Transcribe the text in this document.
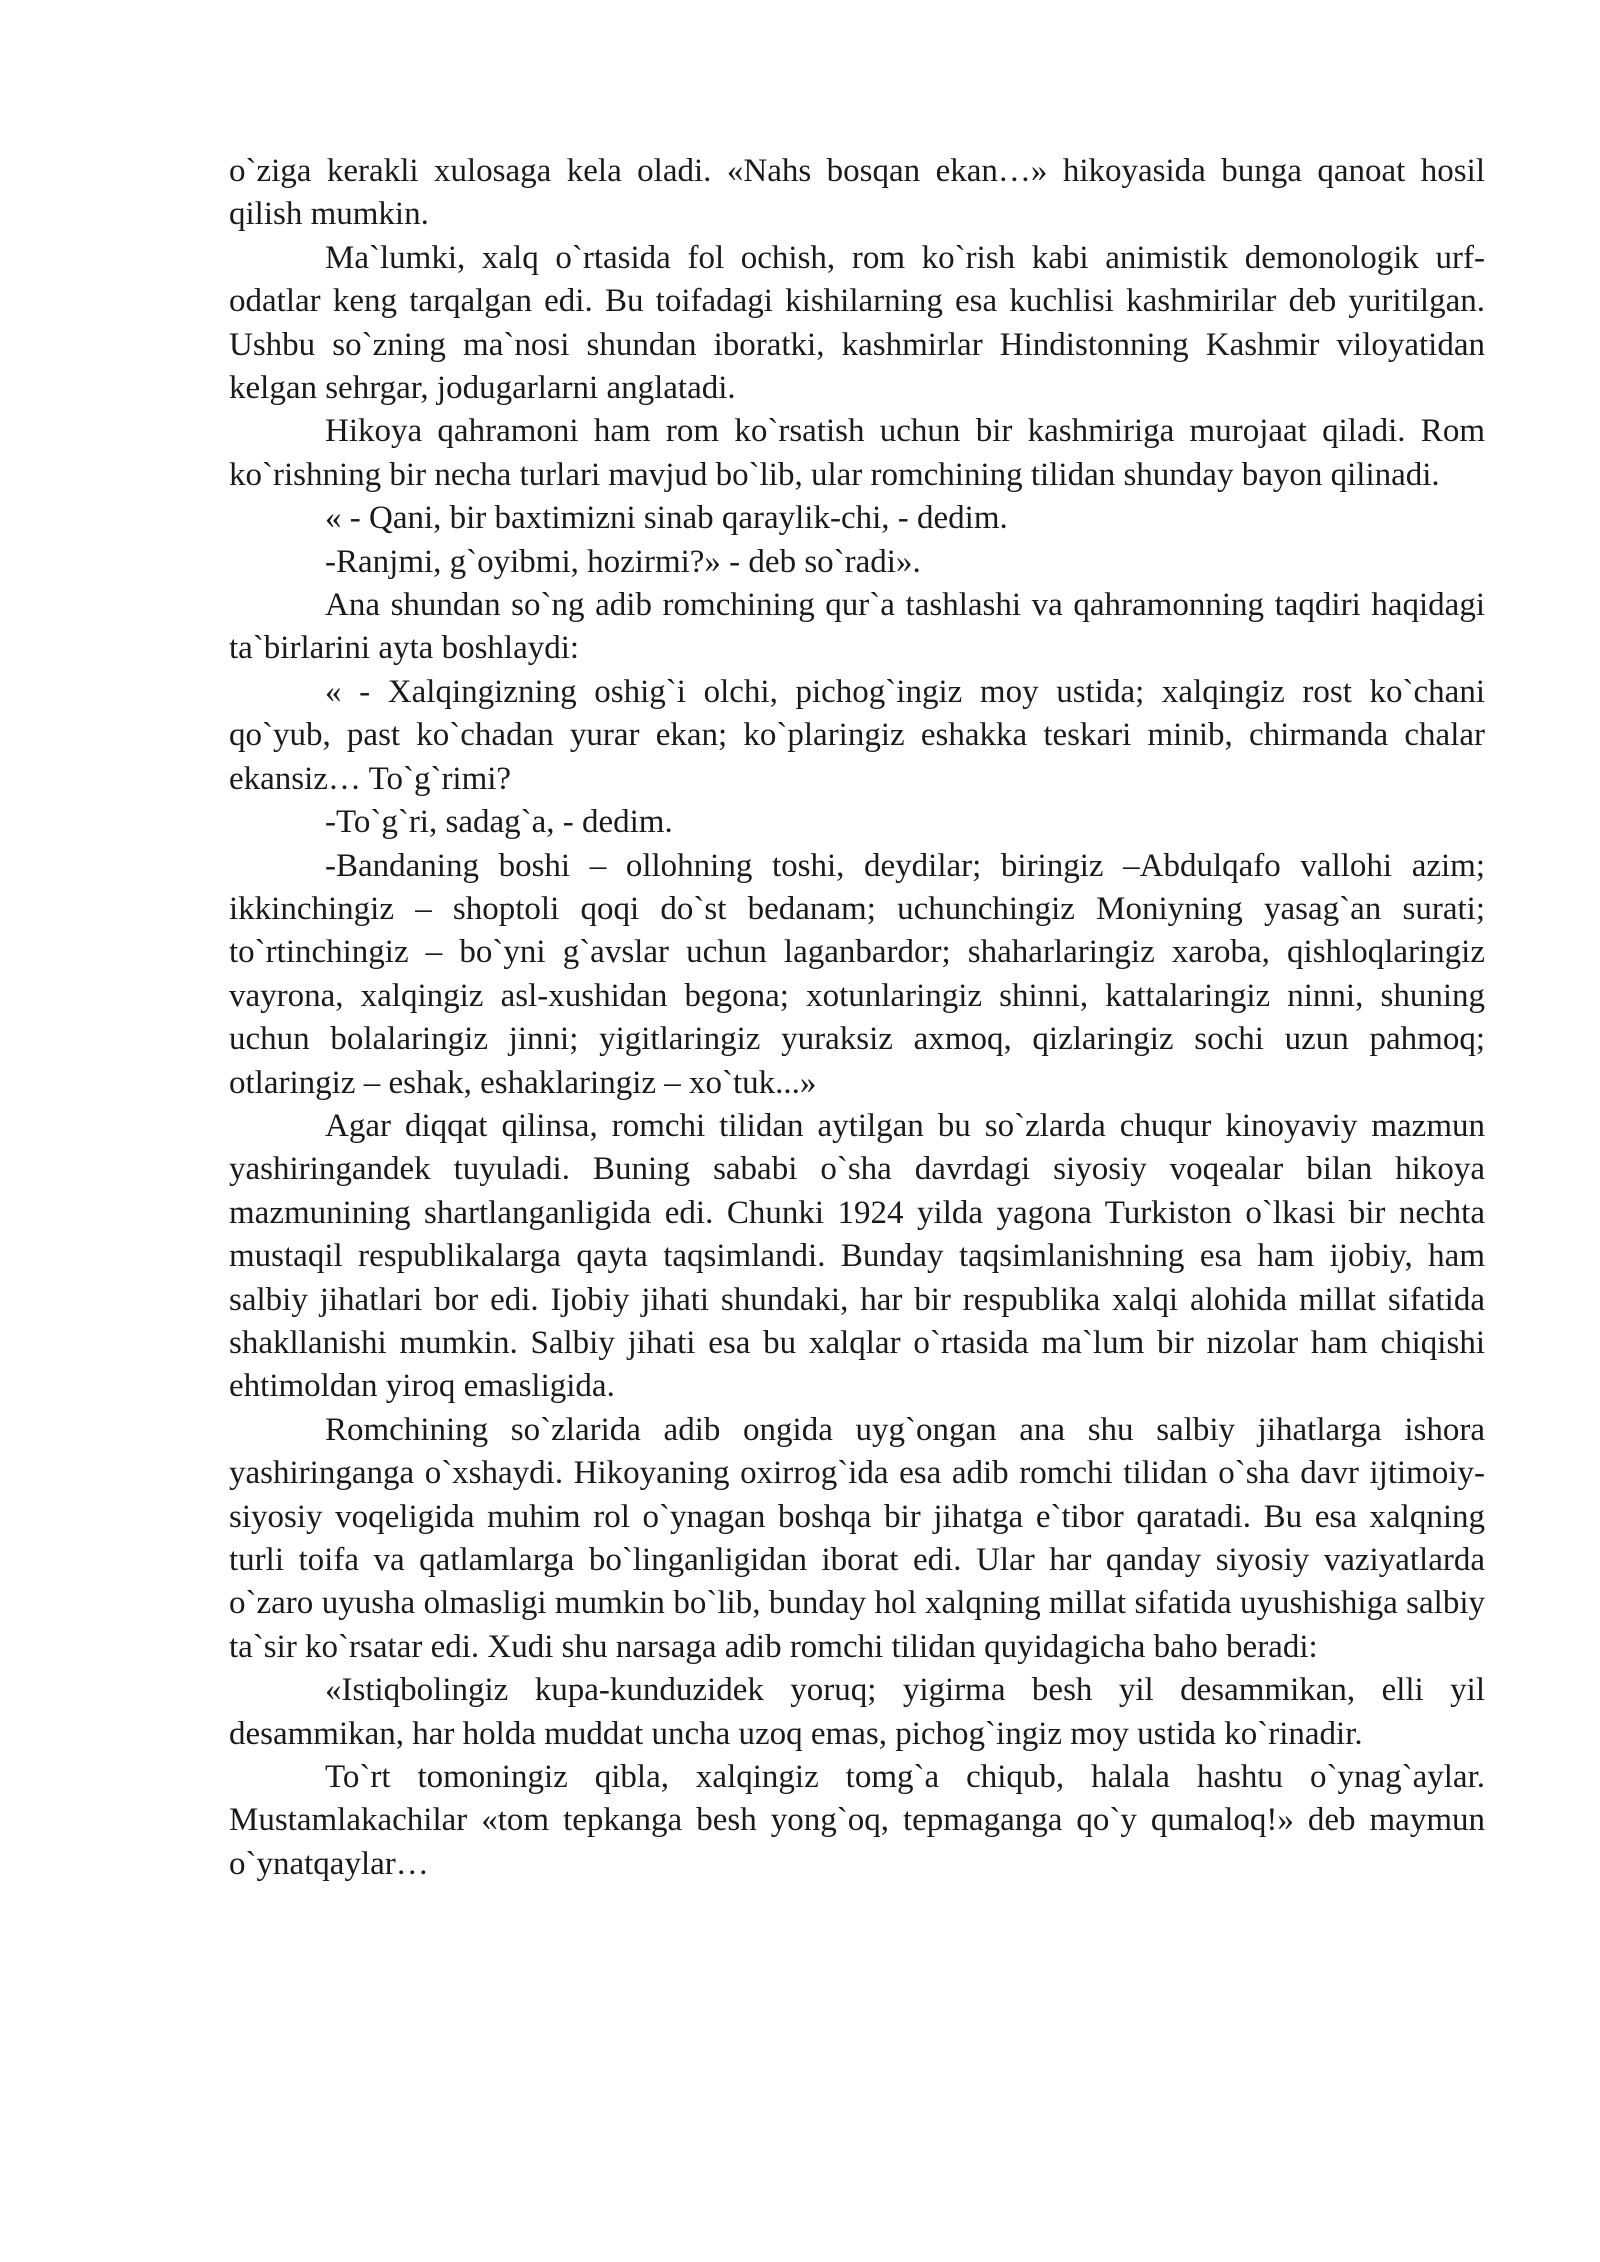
o`ziga kerakli xulosaga kela oladi. «Nahs bosqan ekan…» hikoyasida bunga qanoat hosil qilish mumkin.

Ma`lumki, xalq o`rtasida fol ochish, rom ko`rish kabi animistik demonologik urf-odatlar keng tarqalgan edi. Bu toifadagi kishilarning esa kuchlisi kashmirilar deb yuritilgan. Ushbu so`zning ma`nosi shundan iboratki, kashmirlar Hindistonning Kashmir viloyatidan kelgan sehrgar, jodugarlarni anglatadi.

Hikoya qahramoni ham rom ko`rsatish uchun bir kashmiriga murojaat qiladi. Rom ko`rishning bir necha turlari mavjud bo`lib, ular romchining tilidan shunday bayon qilinadi.

« - Qani, bir baxtimizni sinab qaraylik-chi, - dedim.

-Ranjmi, g`oyibmi, hozirmi?» - deb so`radi».

Ana shundan so`ng adib romchining qur`a tashlashi va qahramonning taqdiri haqidagi ta`birlarini ayta boshlaydi:

« - Xalqingizning oshig`i olchi, pichog`ingiz moy ustida; xalqingiz rost ko`chani qo`yub, past ko`chadan yurar ekan; ko`plaringiz eshakka teskari minib, chirmanda chalar ekansiz… To`g`rimi?

-To`g`ri, sadag`a, - dedim.

-Bandaning boshi – ollohning toshi, deydilar; biringiz –Abdulqafo vallohi azim; ikkinchingiz – shoptoli qoqi do`st bedanam; uchunchingiz Moniyning yasag`an surati; to`rtinchingiz – bo`yni g`avslar uchun laganbardor; shaharlaringiz xaroba, qishloqlaringiz vayrona, xalqingiz asl-xushidan begona; xotunlaringiz shinni, kattalaringiz ninni, shuning uchun bolalaringiz jinni; yigitlaringiz yuraksiz axmoq, qizlaringiz sochi uzun pahmoq; otlaringiz – eshak, eshaklaringiz – xo`tuk...»

Agar diqqat qilinsa, romchi tilidan aytilgan bu so`zlarda chuqur kinoyaviy mazmun yashiringandek tuyuladi. Buning sababi o`sha davrdagi siyosiy voqealar bilan hikoya mazmunining shartlanganligida edi. Chunki 1924 yilda yagona Turkiston o`lkasi bir nechta mustaqil respublikalarga qayta taqsimlandi. Bunday taqsimlanishning esa ham ijobiy, ham salbiy jihatlari bor edi. Ijobiy jihati shundaki, har bir respublika xalqi alohida millat sifatida shakllanishi mumkin. Salbiy jihati esa bu xalqlar o`rtasida ma`lum bir nizolar ham chiqishi ehtimoldan yiroq emasligida.

Romchining so`zlarida adib ongida uyg`ongan ana shu salbiy jihatlarga ishora yashiringanga o`xshaydi. Hikoyaning oxirrog`ida esa adib romchi tilidan o`sha davr ijtimoiy-siyosiy voqeligida muhim rol o`ynagan boshqa bir jihatga e`tibor qaratadi. Bu esa xalqning turli toifa va qatlamlarga bo`linganligidan iborat edi. Ular har qanday siyosiy vaziyatlarda o`zaro uyusha olmasligi mumkin bo`lib, bunday hol xalqning millat sifatida uyushishiga salbiy ta`sir ko`rsatar edi. Xudi shu narsaga adib romchi tilidan quyidagicha baho beradi:

«Istiqbolingiz kupa-kunduzidek yoruq; yigirma besh yil desammikan, elli yil desammikan, har holda muddat uncha uzoq emas, pichog`ingiz moy ustida ko`rinadir.

To`rt tomoningiz qibla, xalqingiz tomg`a chiqub, halala hashtu o`ynag`aylar. Mustamlakachilar «tom tepkanga besh yong`oq, tepmaganga qo`y qumaloq!» deb maymun o`ynatqaylar…
